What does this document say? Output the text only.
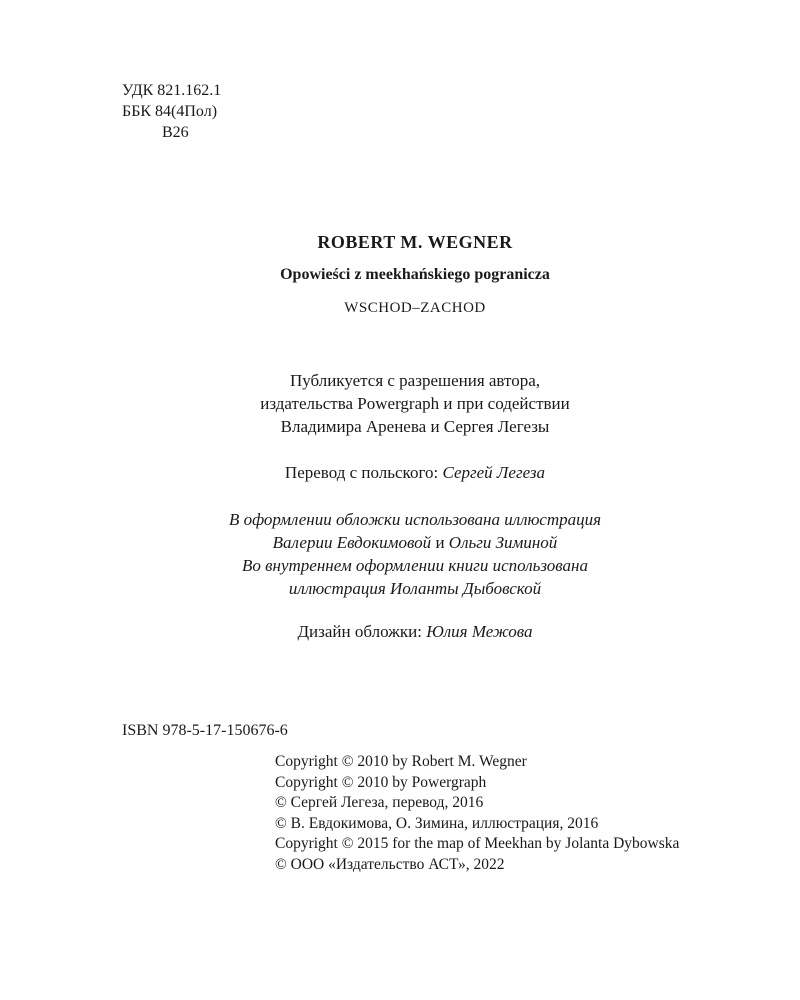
УДК 821.162.1
ББК 84(4Пол)
В26
ROBERT M. WEGNER
Opowieści z meekhańskiego pogranicza
WSCHOD–ZACHOD
Публикуется с разрешения автора,
издательства Powergraph и при содействии
Владимира Аренева и Сергея Легезы
Перевод с польского: Сергей Легеза
В оформлении обложки использована иллюстрация
Валерии Евдокимовой и Ольги Зиминой
Во внутреннем оформлении книги использована
иллюстрация Иоланты Дыбовской
Дизайн обложки: Юлия Межова
ISBN 978-5-17-150676-6
Copyright © 2010 by Robert M. Wegner
Copyright © 2010 by Powergraph
© Сергей Легеза, перевод, 2016
© В. Евдокимова, О. Зимина, иллюстрация, 2016
Copyright © 2015 for the map of Meekhan by Jolanta Dybowska
© ООО «Издательство АСТ», 2022
